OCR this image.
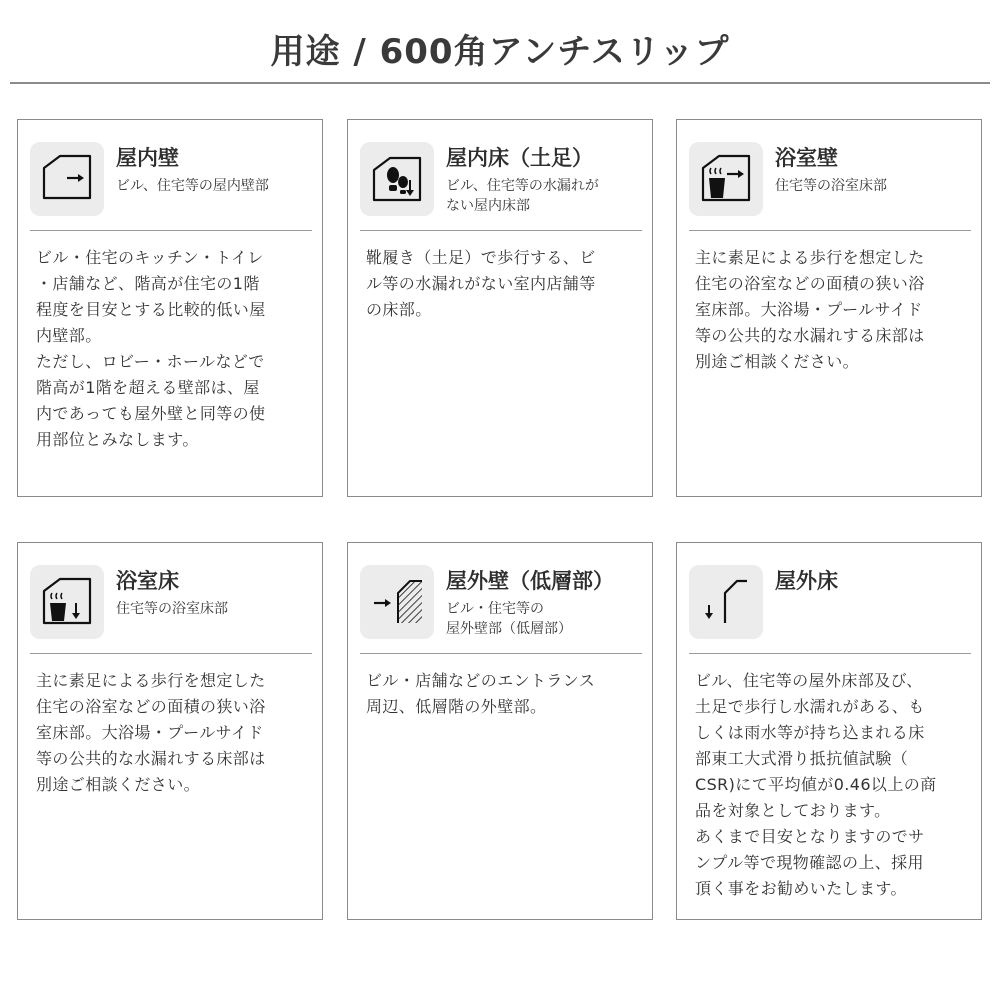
用途 / 600角アンチスリップ
屋内壁
ビル、住宅等の屋内壁部
ビル・住宅のキッチン・トイレ
・店舗など、階高が住宅の1階
程度を目安とする比較的低い屋
内壁部。
ただし、ロビー・ホールなどで
階高が1階を超える壁部は、屋
内であっても屋外壁と同等の使
用部位とみなします。
屋内床（土足）
ビル、住宅等の水漏れが
ない屋内床部
靴履き（土足）で歩行する、ビ
ル等の水漏れがない室内店舗等
の床部。
浴室壁
住宅等の浴室床部
主に素足による歩行を想定した
住宅の浴室などの面積の狭い浴
室床部。大浴場・プールサイド
等の公共的な水漏れする床部は
別途ご相談ください。
浴室床
住宅等の浴室床部
主に素足による歩行を想定した
住宅の浴室などの面積の狭い浴
室床部。大浴場・プールサイド
等の公共的な水漏れする床部は
別途ご相談ください。
屋外壁（低層部）
ビル・住宅等の
屋外壁部（低層部）
ビル・店舗などのエントランス
周辺、低層階の外壁部。
屋外床
ビル、住宅等の屋外床部及び、
土足で歩行し水濡れがある、も
しくは雨水等が持ち込まれる床
部東工大式滑り抵抗値試験（
CSR)にて平均値が0.46以上の商
品を対象としております。
あくまで目安となりますのでサ
ンプル等で現物確認の上、採用
頂く事をお勧めいたします。
